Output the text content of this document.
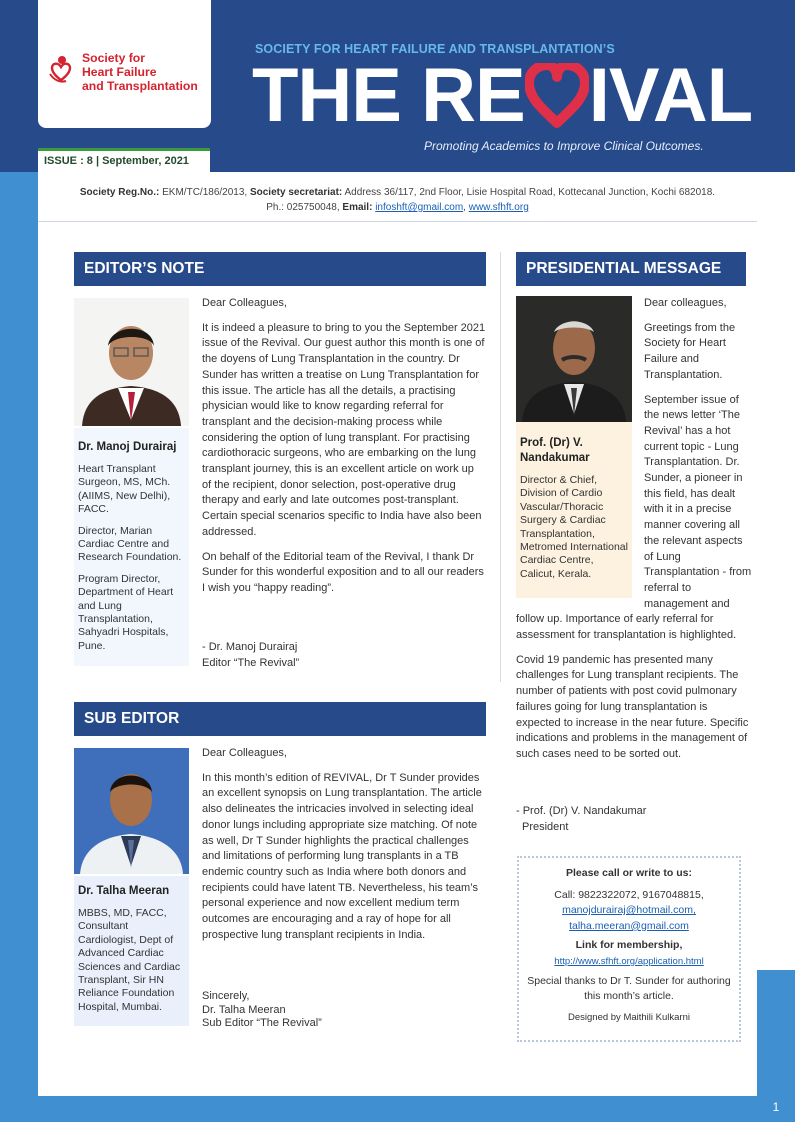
1
Society for
Heart Failure
and Transplantation
ISSUE : 8 | September, 2021
SOCIETY FOR HEART FAILURE AND TRANSPLANTATION’S
THE RE IVAL
Promoting Academics to Improve Clinical Outcomes.
Society Reg.No.: EKM/TC/186/2013, Society secretariat: Address 36/117, 2nd Floor, Lisie Hospital Road, Kottecanal Junction, Kochi 682018.
Ph.: 025750048, Email: infoshft@gmail.com, www.sfhft.org
EDITOR’S NOTE
Dr. Manoj Durairaj

Heart Transplant Surgeon, MS, MCh. (AIIMS, New Delhi), FACC.

Director, Marian Cardiac Centre and Research Foundation.

Program Director, Department of Heart and Lung Transplantation, Sahyadri Hospitals, Pune.

Dear Colleagues,

It is indeed a pleasure to bring to you the September 2021 issue of the Revival. Our guest author this month is one of the doyens of Lung Transplantation in the country. Dr Sunder has written a treatise on Lung Transplantation for this issue. The article has all the details, a practising physician would like to know regarding referral for transplant and the decision-making process while considering the option of lung transplant. For practising cardiothoracic surgeons, who are embarking on the lung transplant journey, this is an excellent article on work up of the recipient, donor selection, post-operative drug therapy and early and late outcomes post-transplant. Certain special scenarios specific to India have also been addressed.

On behalf of the Editorial team of the Revival, I thank Dr Sunder for this wonderful exposition and to all our readers I wish you “happy reading”.

- Dr. Manoj Durairaj
Editor “The Revival”
SUB EDITOR
Dr. Talha Meeran

MBBS, MD, FACC, Consultant Cardiologist, Dept of Advanced Cardiac Sciences and Cardiac Transplant, Sir HN Reliance Foundation Hospital, Mumbai.

Dear Colleagues,

In this month’s edition of REVIVAL, Dr T Sunder provides an excellent synopsis on Lung transplantation. The article also delineates the intricacies involved in selecting ideal donor lungs including appropriate size matching. Of note as well, Dr T Sunder highlights the practical challenges and limitations of performing lung transplants in a TB endemic country such as India where both donors and recipients could have latent TB. Nevertheless, his team’s personal experience and now excellent medium term outcomes are encouraging and a ray of hope for all prospective lung transplant recipients in India.

Sincerely,
Dr. Talha Meeran
Sub Editor “The Revival”
PRESIDENTIAL MESSAGE
Prof. (Dr) V. Nandakumar

Director & Chief, Division of Cardio Vascular/Thoracic Surgery & Cardiac Transplantation, Metromed International Cardiac Centre, Calicut, Kerala.

Dear colleagues,

Greetings from the Society for Heart Failure and Transplantation.

September issue of the news letter ‘The Revival’ has a hot current topic - Lung Transplantation. Dr. Sunder, a pioneer in this field, has dealt with it in a precise manner covering all the relevant aspects of Lung Transplantation - from referral to management and follow up. Importance of early referral for assessment for transplantation is highlighted.

Covid 19 pandemic has presented many challenges for Lung transplant recipients. The number of patients with post covid pulmonary failures going for lung transplantation is expected to increase in the near future. Specific indications and problems in the management of such cases need to be sorted out.

- Prof. (Dr) V. Nandakumar
President
Please call or write to us:
Call: 9822322072, 9167048815,
manojdurairaj@hotmail.com,
talha.meeran@gmail.com
Link for membership,
http://www.sfhft.org/application.html
Special thanks to Dr T. Sunder for authoring this month’s article.
Designed by Maithili Kulkarni
